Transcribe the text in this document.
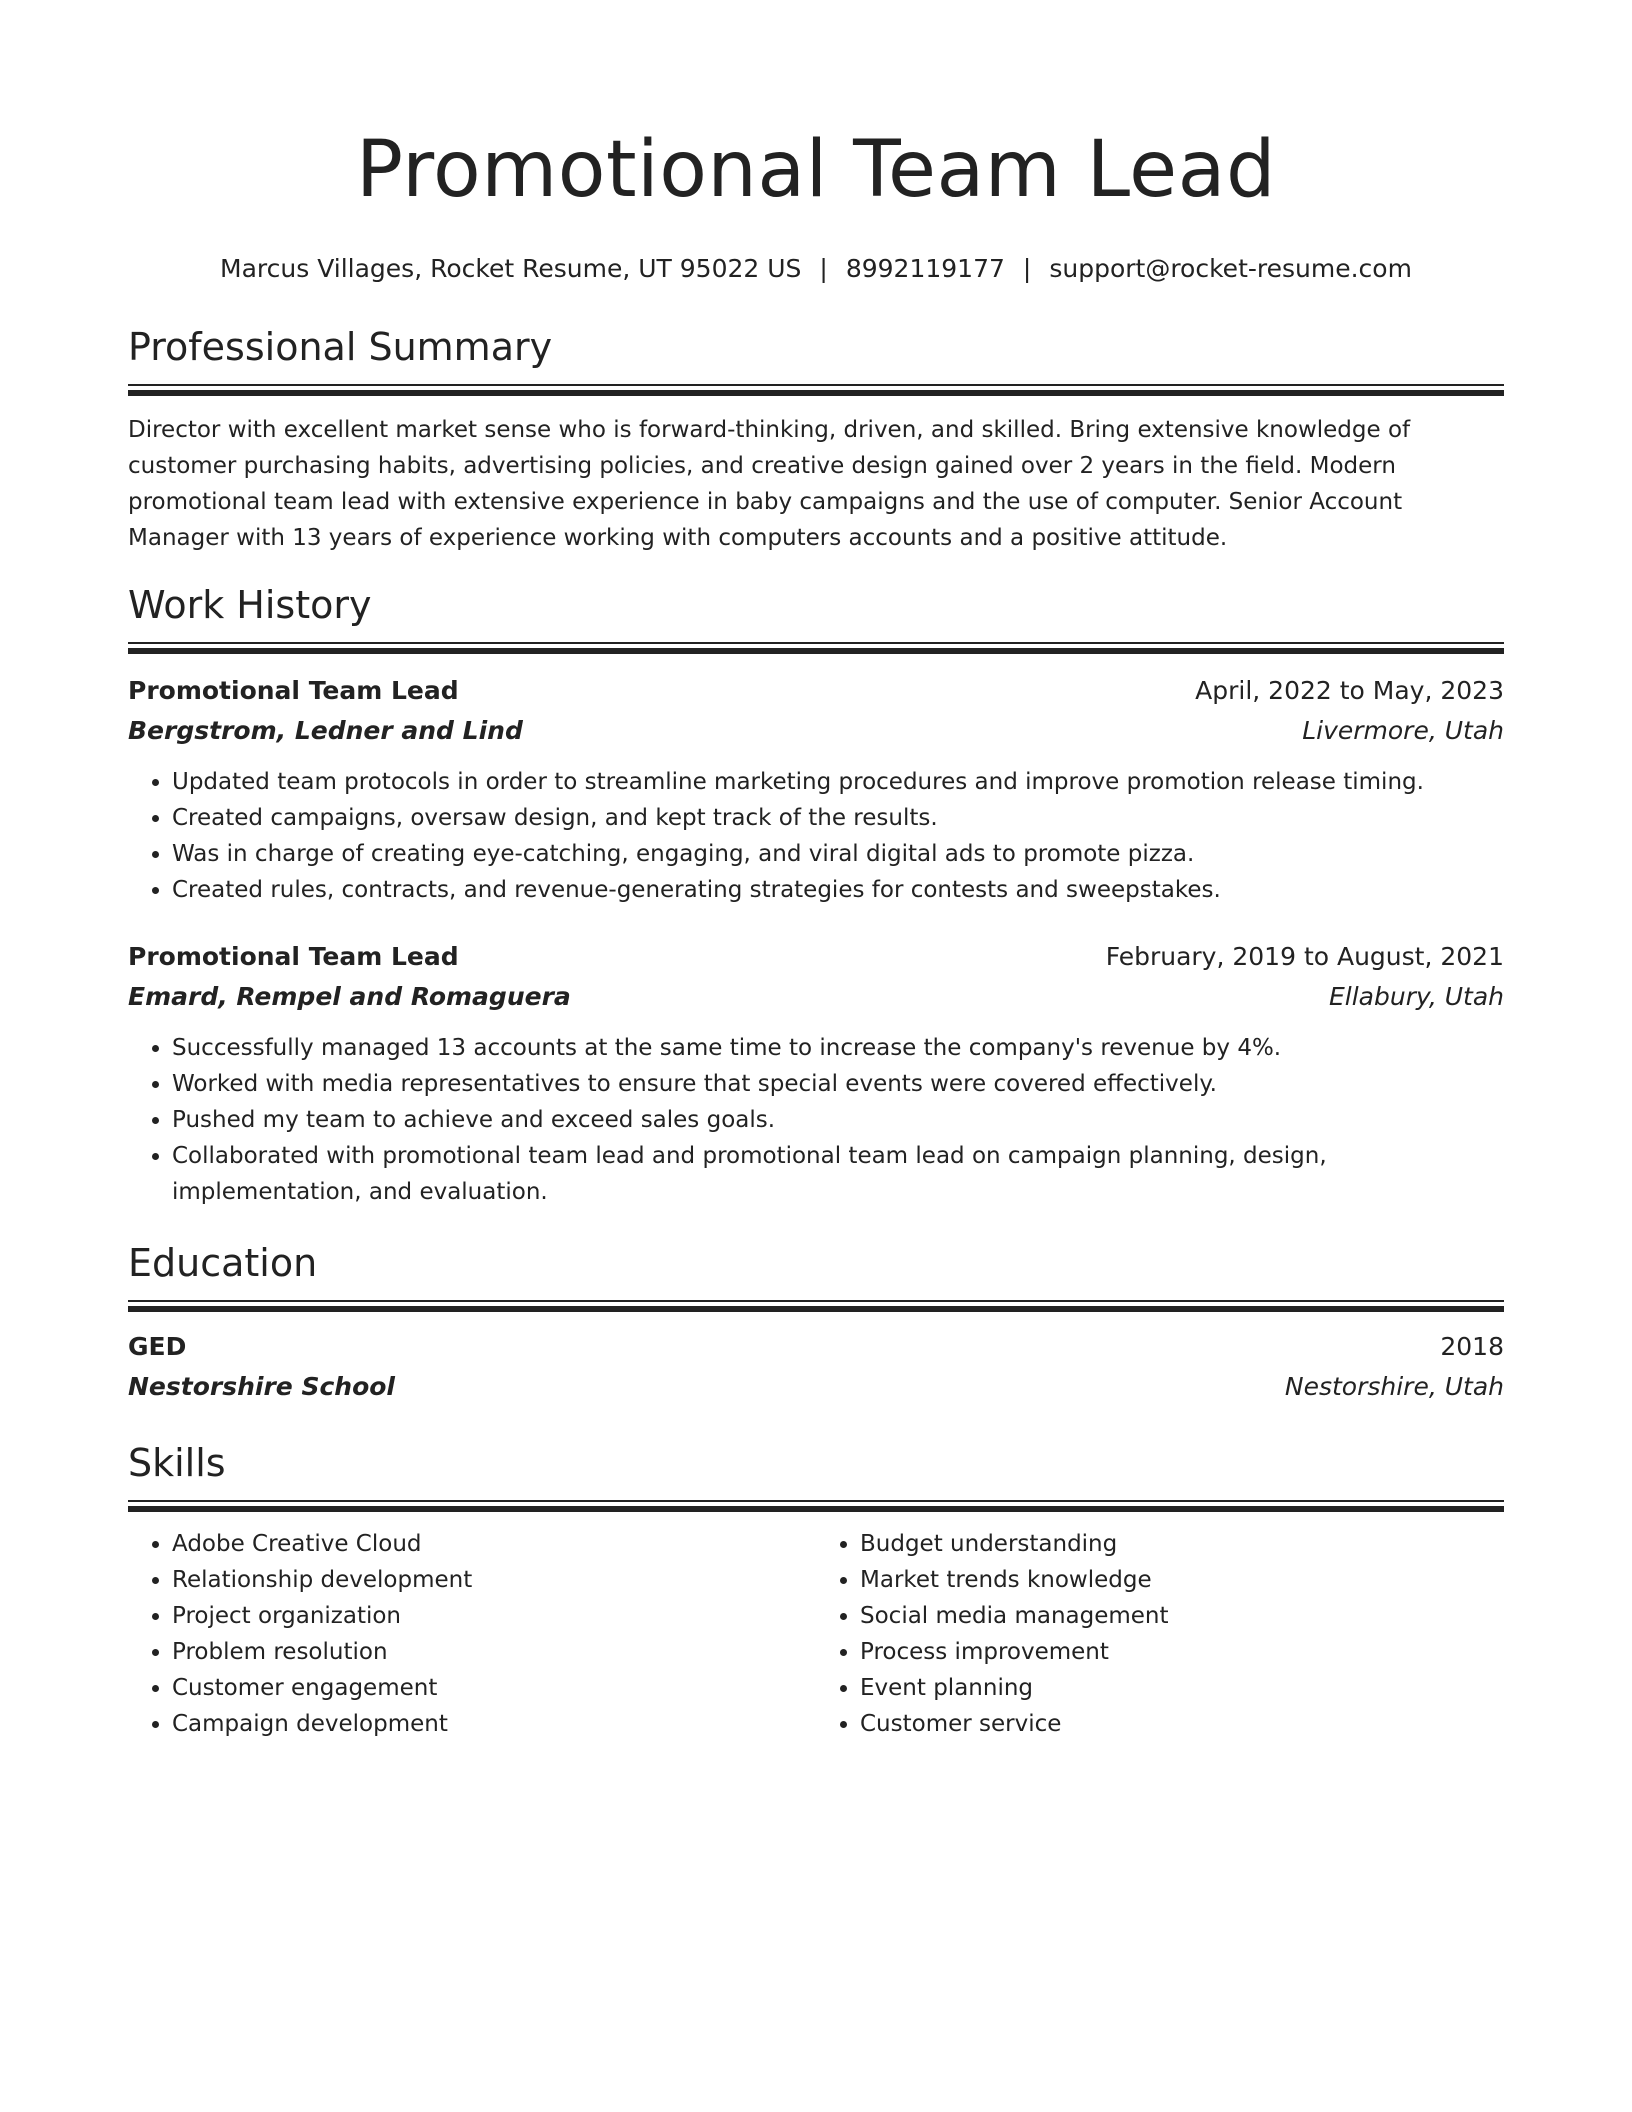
Promotional Team Lead
Marcus Villages, Rocket Resume, UT 95022 US | 8992119177 | support@rocket-resume.com
Professional Summary

Director with excellent market sense who is forward-thinking, driven, and skilled. Bring extensive knowledge of customer purchasing habits, advertising policies, and creative design gained over 2 years in the field. Modern promotional team lead with extensive experience in baby campaigns and the use of computer. Senior Account Manager with 13 years of experience working with computers accounts and a positive attitude.

Work History
Promotional Team Lead	April, 2022 to May, 2023
Bergstrom, Ledner and Lind	Livermore, Utah
• Updated team protocols in order to streamline marketing procedures and improve promotion release timing.
• Created campaigns, oversaw design, and kept track of the results.
• Was in charge of creating eye-catching, engaging, and viral digital ads to promote pizza.
• Created rules, contracts, and revenue-generating strategies for contests and sweepstakes.
Promotional Team Lead	February, 2019 to August, 2021
Emard, Rempel and Romaguera	Ellabury, Utah
• Successfully managed 13 accounts at the same time to increase the company's revenue by 4%.
• Worked with media representatives to ensure that special events were covered effectively.
• Pushed my team to achieve and exceed sales goals.
• Collaborated with promotional team lead and promotional team lead on campaign planning, design, implementation, and evaluation.
Education
GED	2018
Nestorshire School	Nestorshire, Utah
Skills
• Adobe Creative Cloud
• Relationship development
• Project organization
• Problem resolution
• Customer engagement
• Campaign development
• Budget understanding
• Market trends knowledge
• Social media management
• Process improvement
• Event planning
• Customer service
